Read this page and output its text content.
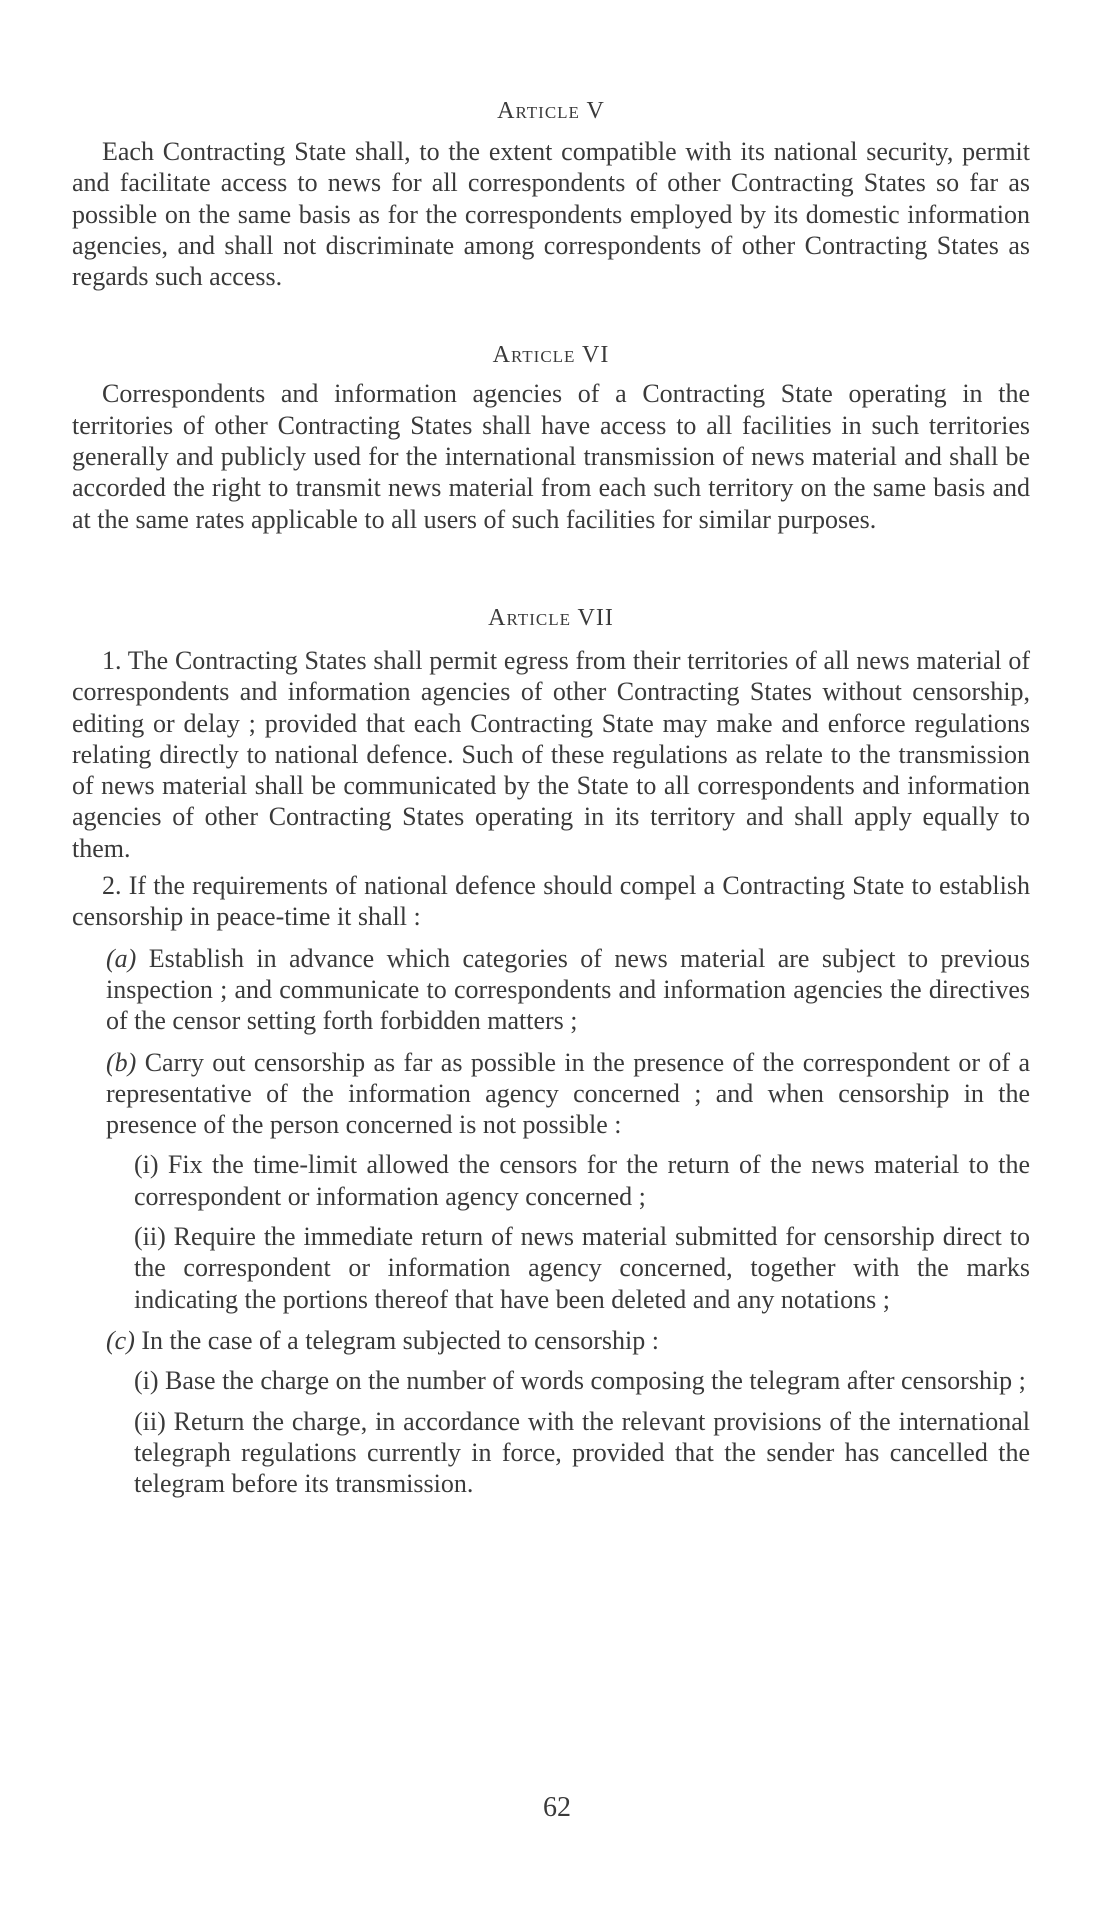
Article V

Each Contracting State shall, to the extent compatible with its national security, permit and facilitate access to news for all correspondents of other Contracting States so far as possible on the same basis as for the correspondents employed by its domestic information agencies, and shall not discriminate among correspondents of other Contracting States as regards such access.

Article VI

Correspondents and information agencies of a Contracting State operating in the territories of other Contracting States shall have access to all facilities in such territories generally and publicly used for the international transmission of news material and shall be accorded the right to transmit news material from each such territory on the same basis and at the same rates applicable to all users of such facilities for similar purposes.

Article VII

1. The Contracting States shall permit egress from their territories of all news material of correspondents and information agencies of other Contracting States without censorship, editing or delay ; provided that each Contracting State may make and enforce regulations relating directly to national defence. Such of these regulations as relate to the transmission of news material shall be communicated by the State to all correspondents and information agencies of other Contracting States operating in its territory and shall apply equally to them.

2. If the requirements of national defence should compel a Contracting State to establish censorship in peace-time it shall :

(a) Establish in advance which categories of news material are subject to previous inspection ; and communicate to correspondents and information agencies the directives of the censor setting forth forbidden matters ;

(b) Carry out censorship as far as possible in the presence of the correspondent or of a representative of the information agency concerned ; and when censorship in the presence of the person concerned is not possible :

(i) Fix the time-limit allowed the censors for the return of the news material to the correspondent or information agency concerned ;

(ii) Require the immediate return of news material submitted for censorship direct to the correspondent or information agency concerned, together with the marks indicating the portions thereof that have been deleted and any notations ;

(c) In the case of a telegram subjected to censorship :

(i) Base the charge on the number of words composing the telegram after censorship ;

(ii) Return the charge, in accordance with the relevant provisions of the international telegraph regulations currently in force, provided that the sender has cancelled the telegram before its transmission.

62
